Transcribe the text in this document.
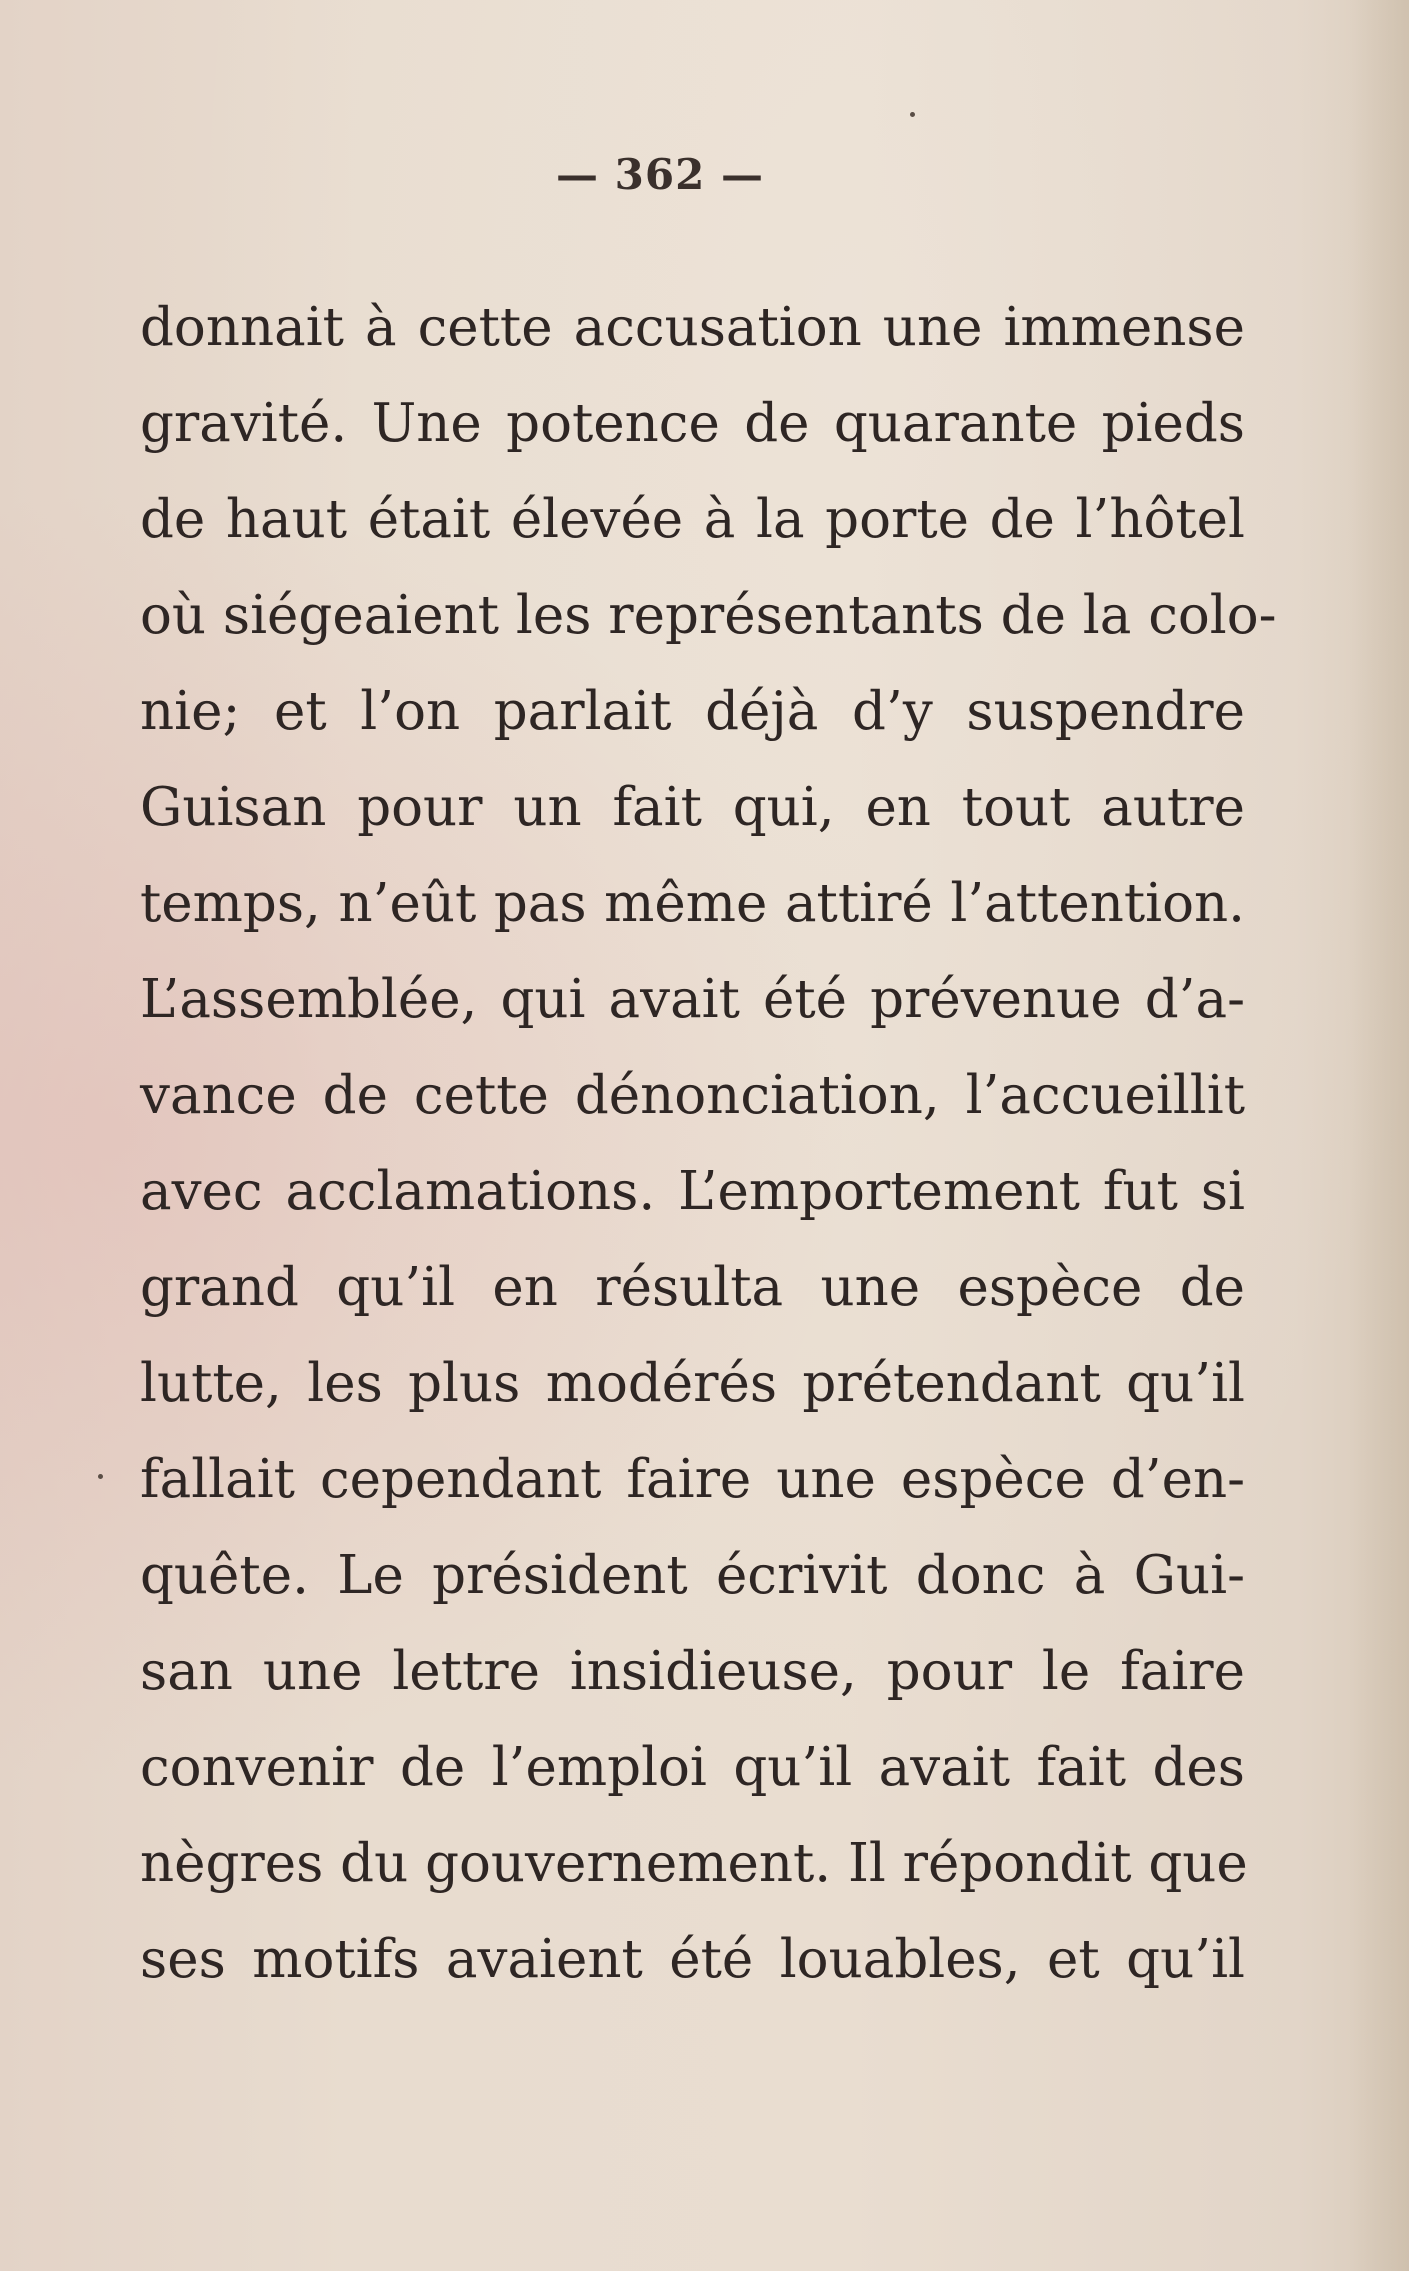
— 362 —
donnait à cette accusation une immense
gravité. Une potence de quarante pieds
de haut était élevée à la porte de l’hôtel
où siégeaient les représentants de la colo-
nie; et l’on parlait déjà d’y suspendre
Guisan pour un fait qui, en tout autre
temps, n’eût pas même attiré l’attention.
L’assemblée, qui avait été prévenue d’a-
vance de cette dénonciation, l’accueillit
avec acclamations. L’emportement fut si
grand qu’il en résulta une espèce de
lutte, les plus modérés prétendant qu’il
fallait cependant faire une espèce d’en-
quête. Le président écrivit donc à Gui-
san une lettre insidieuse, pour le faire
convenir de l’emploi qu’il avait fait des
nègres du gouvernement. Il répondit que
ses motifs avaient été louables, et qu’il
